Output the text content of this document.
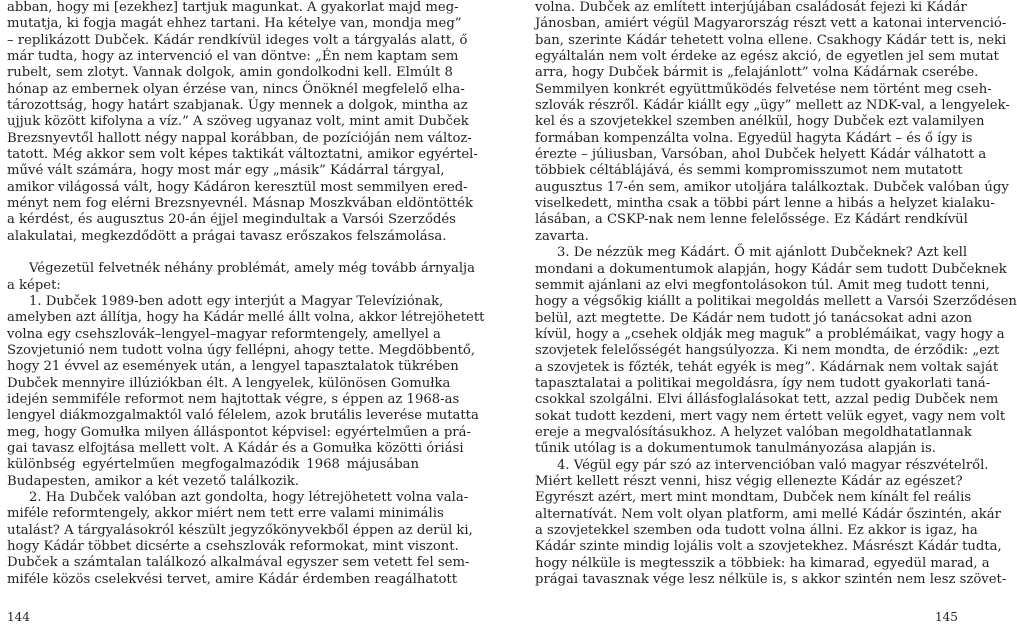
abban, hogy mi [ezekhez] tartjuk magunkat. A gyakorlat majd meg-
mutatja, ki fogja magát ehhez tartani. Ha kételye van, mondja meg”
– replikázott Dubček. Kádár rendkívül ideges volt a tárgyalás alatt, ő
már tudta, hogy az intervenció el van döntve: „Én nem kaptam sem
rubelt, sem zlotyt. Vannak dolgok, amin gondolkodni kell. Elmúlt 8
hónap az embernek olyan érzése van, nincs Önöknél megfelelő elha-
tározottság, hogy határt szabjanak. Úgy mennek a dolgok, mintha az
ujjuk között kifolyna a víz.” A szöveg ugyanaz volt, mint amit Dubček
Brezsnyevtől hallott négy nappal korábban, de pozícióján nem változ-
tatott. Még akkor sem volt képes taktikát változtatni, amikor egyértel-
művé vált számára, hogy most már egy „másik” Kádárral tárgyal,
amikor világossá vált, hogy Kádáron keresztül most semmilyen ered-
ményt nem fog elérni Brezsnyevnél. Másnap Moszkvában eldöntötték
a kérdést, és augusztus 20-án éjjel megindultak a Varsói Szerződés
alakulatai, megkezdődött a prágai tavasz erőszakos felszámolása.

Végezetül felvetnék néhány problémát, amely még tovább árnyalja
a képet:

1. Dubček 1989-ben adott egy interjút a Magyar Televíziónak,
amelyben azt állítja, hogy ha Kádár mellé állt volna, akkor létrejöhetett
volna egy csehszlovák–lengyel–magyar reformtengely, amellyel a
Szovjetunió nem tudott volna úgy fellépni, ahogy tette. Megdöbbentő,
hogy 21 évvel az események után, a lengyel tapasztalatok tükrében
Dubček mennyire illúziókban élt. A lengyelek, különösen Gomułka
idején semmiféle reformot nem hajtottak végre, s éppen az 1968-as
lengyel diákmozgalmaktól való félelem, azok brutális leverése mutatta
meg, hogy Gomułka milyen álláspontot képvisel: egyértelműen a prá-
gai tavasz elfojtása mellett volt. A Kádár és a Gomułka közötti óriási
különbség egyértelműen megfogalmazódik 1968 májusában
Budapesten, amikor a két vezető találkozik.

2. Ha Dubček valóban azt gondolta, hogy létrejöhetett volna vala-
miféle reformtengely, akkor miért nem tett erre valami minimális
utalást? A tárgyalásokról készült jegyzőkönyvekből éppen az derül ki,
hogy Kádár többet dicsérte a csehszlovák reformokat, mint viszont.
Dubček a számtalan találkozó alkalmával egyszer sem vetett fel sem-
miféle közös cselekvési tervet, amire Kádár érdemben reagálhatott

volna. Dubček az említett interjújában családosát fejezi ki Kádár
Jánosban, amiért végül Magyarország részt vett a katonai intervenció-
ban, szerinte Kádár tehetett volna ellene. Csakhogy Kádár tett is, neki
egyáltalán nem volt érdeke az egész akció, de egyetlen jel sem mutat
arra, hogy Dubček bármit is „felajánlott” volna Kádárnak cserébe.
Semmilyen konkrét együttműködés felvetése nem történt meg cseh-
szlovák részről. Kádár kiállt egy „ügy” mellett az NDK-val, a lengyelek-
kel és a szovjetekkel szemben anélkül, hogy Dubček ezt valamilyen
formában kompenzálta volna. Egyedül hagyta Kádárt – és ő így is
érezte – júliusban, Varsóban, ahol Dubček helyett Kádár válhatott a
többiek céltáblájává, és semmi kompromisszumot nem mutatott
augusztus 17-én sem, amikor utoljára találkoztak. Dubček valóban úgy
viselkedett, mintha csak a többi párt lenne a hibás a helyzet kialaku-
lásában, a CSKP-nak nem lenne felelőssége. Ez Kádárt rendkívül
zavarta.

3. De nézzük meg Kádárt. Ő mit ajánlott Dubčeknek? Azt kell
mondani a dokumentumok alapján, hogy Kádár sem tudott Dubčeknek
semmit ajánlani az elvi megfontolásokon túl. Amit meg tudott tenni,
hogy a végsőkig kiállt a politikai megoldás mellett a Varsói Szerződésen
belül, azt megtette. De Kádár nem tudott jó tanácsokat adni azon
kívül, hogy a „csehek oldják meg maguk” a problémáikat, vagy hogy a
szovjetek felelősségét hangsúlyozza. Ki nem mondta, de érződik: „ezt
a szovjetek is főzték, tehát egyék is meg”. Kádárnak nem voltak saját
tapasztalatai a politikai megoldásra, így nem tudott gyakorlati taná-
csokkal szolgálni. Elvi állásfoglalásokat tett, azzal pedig Dubček nem
sokat tudott kezdeni, mert vagy nem értett velük egyet, vagy nem volt
ereje a megvalósításukhoz. A helyzet valóban megoldhatatlannak
tűnik utólag is a dokumentumok tanulmányozása alapján is.

4. Végül egy pár szó az intervencióban való magyar részvételről.
Miért kellett részt venni, hisz végig ellenezte Kádár az egészet?
Egyrészt azért, mert mint mondtam, Dubček nem kínált fel reális
alternatívát. Nem volt olyan platform, ami mellé Kádár őszintén, akár
a szovjetekkel szemben oda tudott volna állni. Ez akkor is igaz, ha
Kádár szinte mindig lojális volt a szovjetekhez. Másrészt Kádár tudta,
hogy nélküle is megtesszik a többiek: ha kimarad, egyedül marad, a
prágai tavasznak vége lesz nélküle is, s akkor szintén nem lesz szövet-

144	145
